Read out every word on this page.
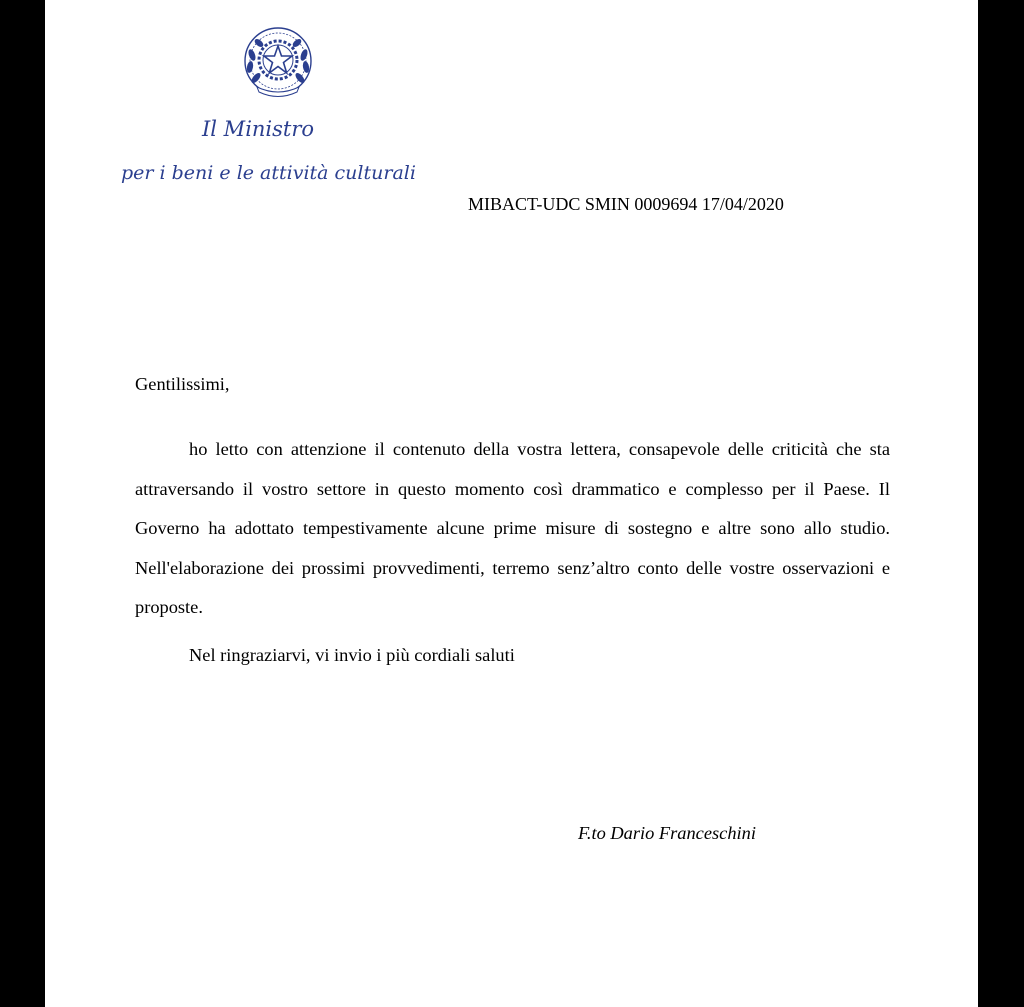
Il Ministro
per i beni e le attività culturali
MIBACT-UDC SMIN 0009694 17/04/2020
Gentilissimi,

ho letto con attenzione il contenuto della vostra lettera, consapevole delle criticità che sta attraversando il vostro settore in questo momento così drammatico e complesso per il Paese. Il Governo ha adottato tempestivamente alcune prime misure di sostegno e altre sono allo studio. Nell'elaborazione dei prossimi provvedimenti, terremo senz’altro conto delle vostre osservazioni e proposte.

Nel ringraziarvi, vi invio i più cordiali saluti
F.to Dario Franceschini
